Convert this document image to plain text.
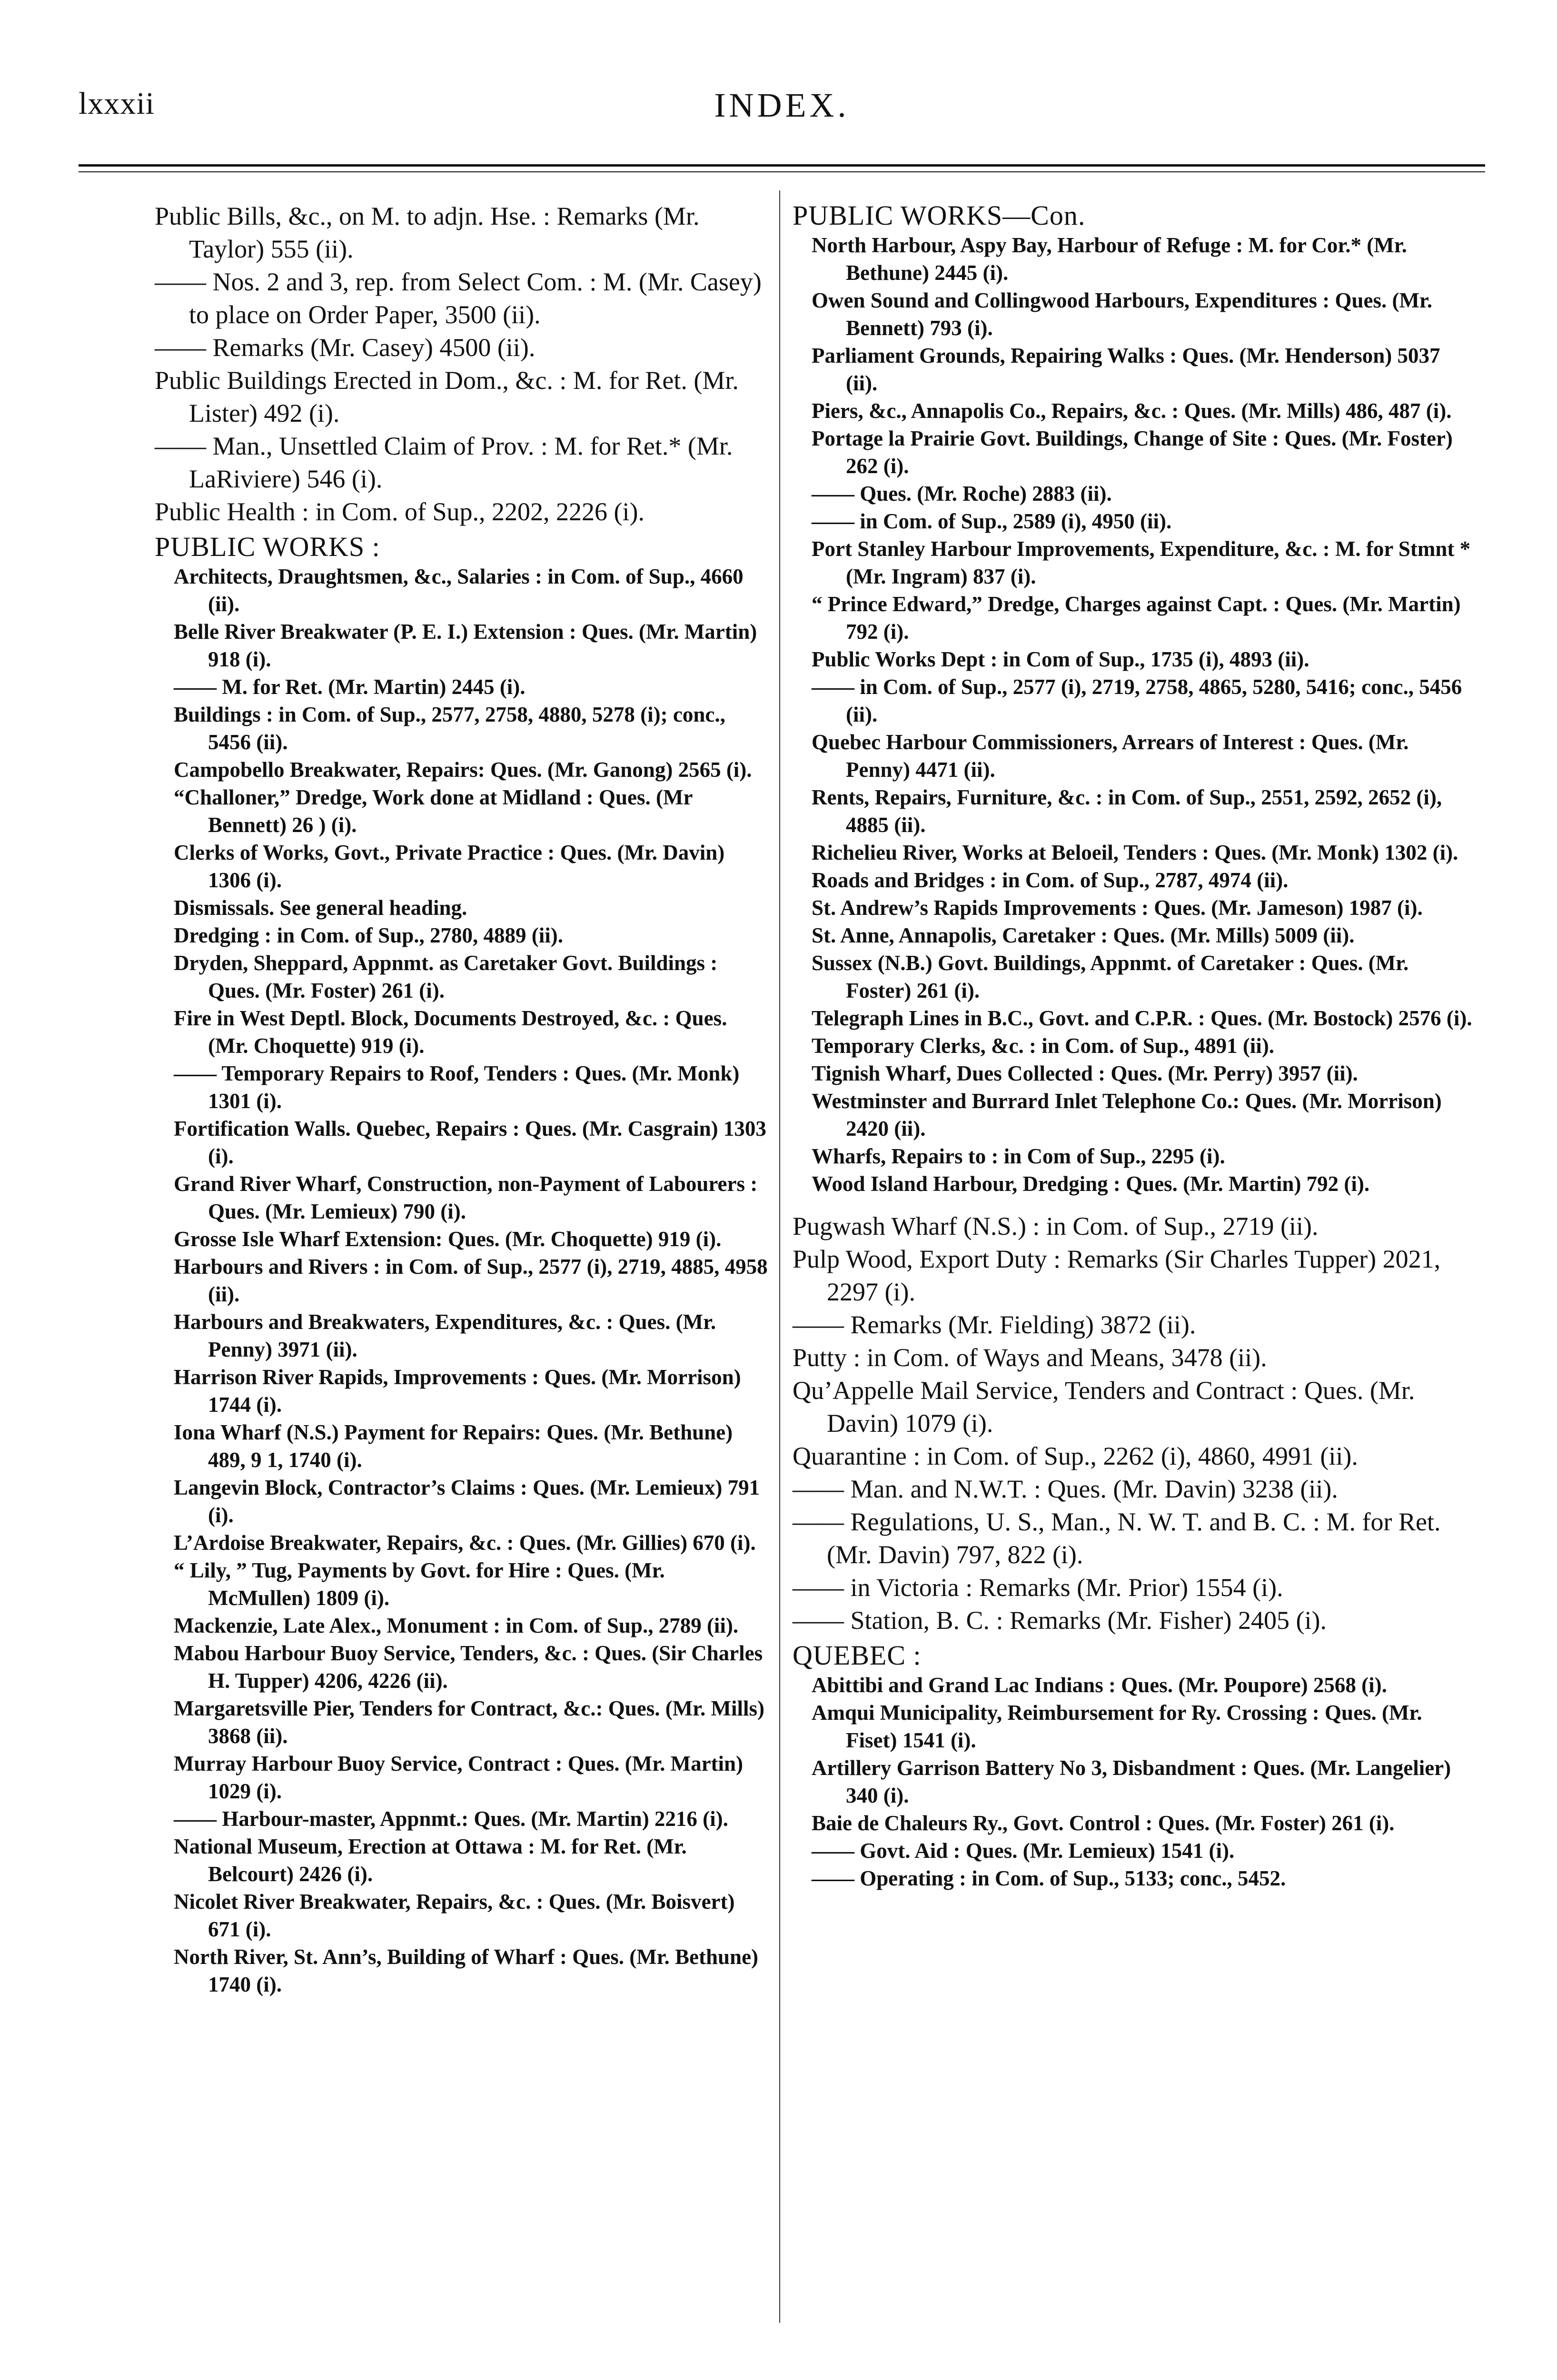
lxxxii	INDEX.

Public Bills, &c., on M. to adjn. Hse. : Remarks (Mr. Taylor) 555 (ii).

—— Nos. 2 and 3, rep. from Select Com. : M. (Mr. Casey) to place on Order Paper, 3500 (ii).

—— Remarks (Mr. Casey) 4500 (ii).

Public Buildings Erected in Dom., &c. : M. for Ret. (Mr. Lister) 492 (i).

—— Man., Unsettled Claim of Prov. : M. for Ret.* (Mr. LaRiviere) 546 (i).

Public Health : in Com. of Sup., 2202, 2226 (i).

PUBLIC WORKS :

Architects, Draughtsmen, &c., Salaries : in Com. of Sup., 4660 (ii).

Belle River Breakwater (P. E. I.) Extension : Ques. (Mr. Martin) 918 (i).

—— M. for Ret. (Mr. Martin) 2445 (i).

Buildings : in Com. of Sup., 2577, 2758, 4880, 5278 (i); conc., 5456 (ii).

Campobello Breakwater, Repairs: Ques. (Mr. Ganong) 2565 (i).

“Challoner,” Dredge, Work done at Midland : Ques. (Mr Bennett) 26 ) (i).

Clerks of Works, Govt., Private Practice : Ques. (Mr. Davin) 1306 (i).

Dismissals. See general heading.

Dredging : in Com. of Sup., 2780, 4889 (ii).

Dryden, Sheppard, Appnmt. as Caretaker Govt. Buildings : Ques. (Mr. Foster) 261 (i).

Fire in West Deptl. Block, Documents Destroyed, &c. : Ques. (Mr. Choquette) 919 (i).

—— Temporary Repairs to Roof, Tenders : Ques. (Mr. Monk) 1301 (i).

Fortification Walls. Quebec, Repairs : Ques. (Mr. Casgrain) 1303 (i).

Grand River Wharf, Construction, non-Payment of Labourers : Ques. (Mr. Lemieux) 790 (i).

Grosse Isle Wharf Extension: Ques. (Mr. Choquette) 919 (i).

Harbours and Rivers : in Com. of Sup., 2577 (i), 2719, 4885, 4958 (ii).

Harbours and Breakwaters, Expenditures, &c. : Ques. (Mr. Penny) 3971 (ii).

Harrison River Rapids, Improvements : Ques. (Mr. Morrison) 1744 (i).

Iona Wharf (N.S.) Payment for Repairs: Ques. (Mr. Bethune) 489, 9 1, 1740 (i).

Langevin Block, Contractor’s Claims : Ques. (Mr. Lemieux) 791 (i).

L’Ardoise Breakwater, Repairs, &c. : Ques. (Mr. Gillies) 670 (i).

“ Lily, ” Tug, Payments by Govt. for Hire : Ques. (Mr. McMullen) 1809 (i).

Mackenzie, Late Alex., Monument : in Com. of Sup., 2789 (ii).

Mabou Harbour Buoy Service, Tenders, &c. : Ques. (Sir Charles H. Tupper) 4206, 4226 (ii).

Margaretsville Pier, Tenders for Contract, &c.: Ques. (Mr. Mills) 3868 (ii).

Murray Harbour Buoy Service, Contract : Ques. (Mr. Martin) 1029 (i).

—— Harbour-master, Appnmt.: Ques. (Mr. Martin) 2216 (i).

National Museum, Erection at Ottawa : M. for Ret. (Mr. Belcourt) 2426 (i).

Nicolet River Breakwater, Repairs, &c. : Ques. (Mr. Boisvert) 671 (i).

North River, St. Ann’s, Building of Wharf : Ques. (Mr. Bethune) 1740 (i).

PUBLIC WORKS—Con.

North Harbour, Aspy Bay, Harbour of Refuge : M. for Cor.* (Mr. Bethune) 2445 (i).

Owen Sound and Collingwood Harbours, Expenditures : Ques. (Mr. Bennett) 793 (i).

Parliament Grounds, Repairing Walks : Ques. (Mr. Henderson) 5037 (ii).

Piers, &c., Annapolis Co., Repairs, &c. : Ques. (Mr. Mills) 486, 487 (i).

Portage la Prairie Govt. Buildings, Change of Site : Ques. (Mr. Foster) 262 (i).

—— Ques. (Mr. Roche) 2883 (ii).

—— in Com. of Sup., 2589 (i), 4950 (ii).

Port Stanley Harbour Improvements, Expenditure, &c. : M. for Stmnt * (Mr. Ingram) 837 (i).

“ Prince Edward,” Dredge, Charges against Capt. : Ques. (Mr. Martin) 792 (i).

Public Works Dept : in Com of Sup., 1735 (i), 4893 (ii).

—— in Com. of Sup., 2577 (i), 2719, 2758, 4865, 5280, 5416; conc., 5456 (ii).

Quebec Harbour Commissioners, Arrears of Interest : Ques. (Mr. Penny) 4471 (ii).

Rents, Repairs, Furniture, &c. : in Com. of Sup., 2551, 2592, 2652 (i), 4885 (ii).

Richelieu River, Works at Beloeil, Tenders : Ques. (Mr. Monk) 1302 (i).

Roads and Bridges : in Com. of Sup., 2787, 4974 (ii).

St. Andrew’s Rapids Improvements : Ques. (Mr. Jameson) 1987 (i).

St. Anne, Annapolis, Caretaker : Ques. (Mr. Mills) 5009 (ii).

Sussex (N.B.) Govt. Buildings, Appnmt. of Caretaker : Ques. (Mr. Foster) 261 (i).

Telegraph Lines in B.C., Govt. and C.P.R. : Ques. (Mr. Bostock) 2576 (i).

Temporary Clerks, &c. : in Com. of Sup., 4891 (ii).

Tignish Wharf, Dues Collected : Ques. (Mr. Perry) 3957 (ii).

Westminster and Burrard Inlet Telephone Co.: Ques. (Mr. Morrison) 2420 (ii).

Wharfs, Repairs to : in Com of Sup., 2295 (i).

Wood Island Harbour, Dredging : Ques. (Mr. Martin) 792 (i).

Pugwash Wharf (N.S.) : in Com. of Sup., 2719 (ii).

Pulp Wood, Export Duty : Remarks (Sir Charles Tupper) 2021, 2297 (i).

—— Remarks (Mr. Fielding) 3872 (ii).

Putty : in Com. of Ways and Means, 3478 (ii).

Qu’Appelle Mail Service, Tenders and Contract : Ques. (Mr. Davin) 1079 (i).

Quarantine : in Com. of Sup., 2262 (i), 4860, 4991 (ii).

—— Man. and N.W.T. : Ques. (Mr. Davin) 3238 (ii).

—— Regulations, U. S., Man., N. W. T. and B. C. : M. for Ret. (Mr. Davin) 797, 822 (i).

—— in Victoria : Remarks (Mr. Prior) 1554 (i).

—— Station, B. C. : Remarks (Mr. Fisher) 2405 (i).

QUEBEC :

Abittibi and Grand Lac Indians : Ques. (Mr. Poupore) 2568 (i).

Amqui Municipality, Reimbursement for Ry. Crossing : Ques. (Mr. Fiset) 1541 (i).

Artillery Garrison Battery No 3, Disbandment : Ques. (Mr. Langelier) 340 (i).

Baie de Chaleurs Ry., Govt. Control : Ques. (Mr. Foster) 261 (i).

—— Govt. Aid : Ques. (Mr. Lemieux) 1541 (i).

—— Operating : in Com. of Sup., 5133; conc., 5452.
